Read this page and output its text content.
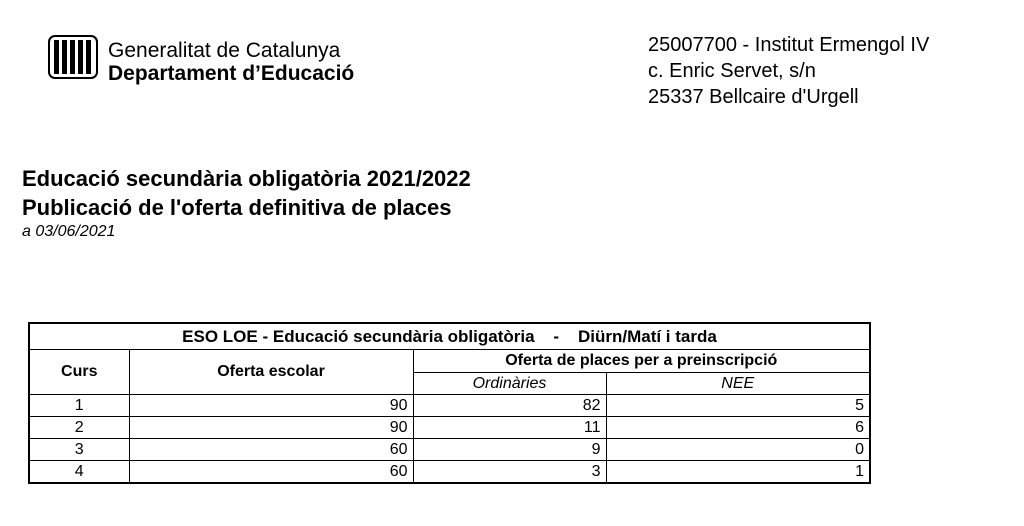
Generalitat de Catalunya
Departament d’Educació
25007700 - Institut Ermengol IV
c. Enric Servet, s/n
25337 Bellcaire d'Urgell
Educació secundària obligatòria 2021/2022
Publicació de l'oferta definitiva de places
a 03/06/2021
ESO LOE - Educació secundària obligatòria    -    Diürn/Matí i tarda			
Curs	Oferta escolar	Oferta de places per a preinscripció	
		Ordinàries	NEE
1	90	82	5
2	90	11	6
3	60	9	0
4	60	3	1
